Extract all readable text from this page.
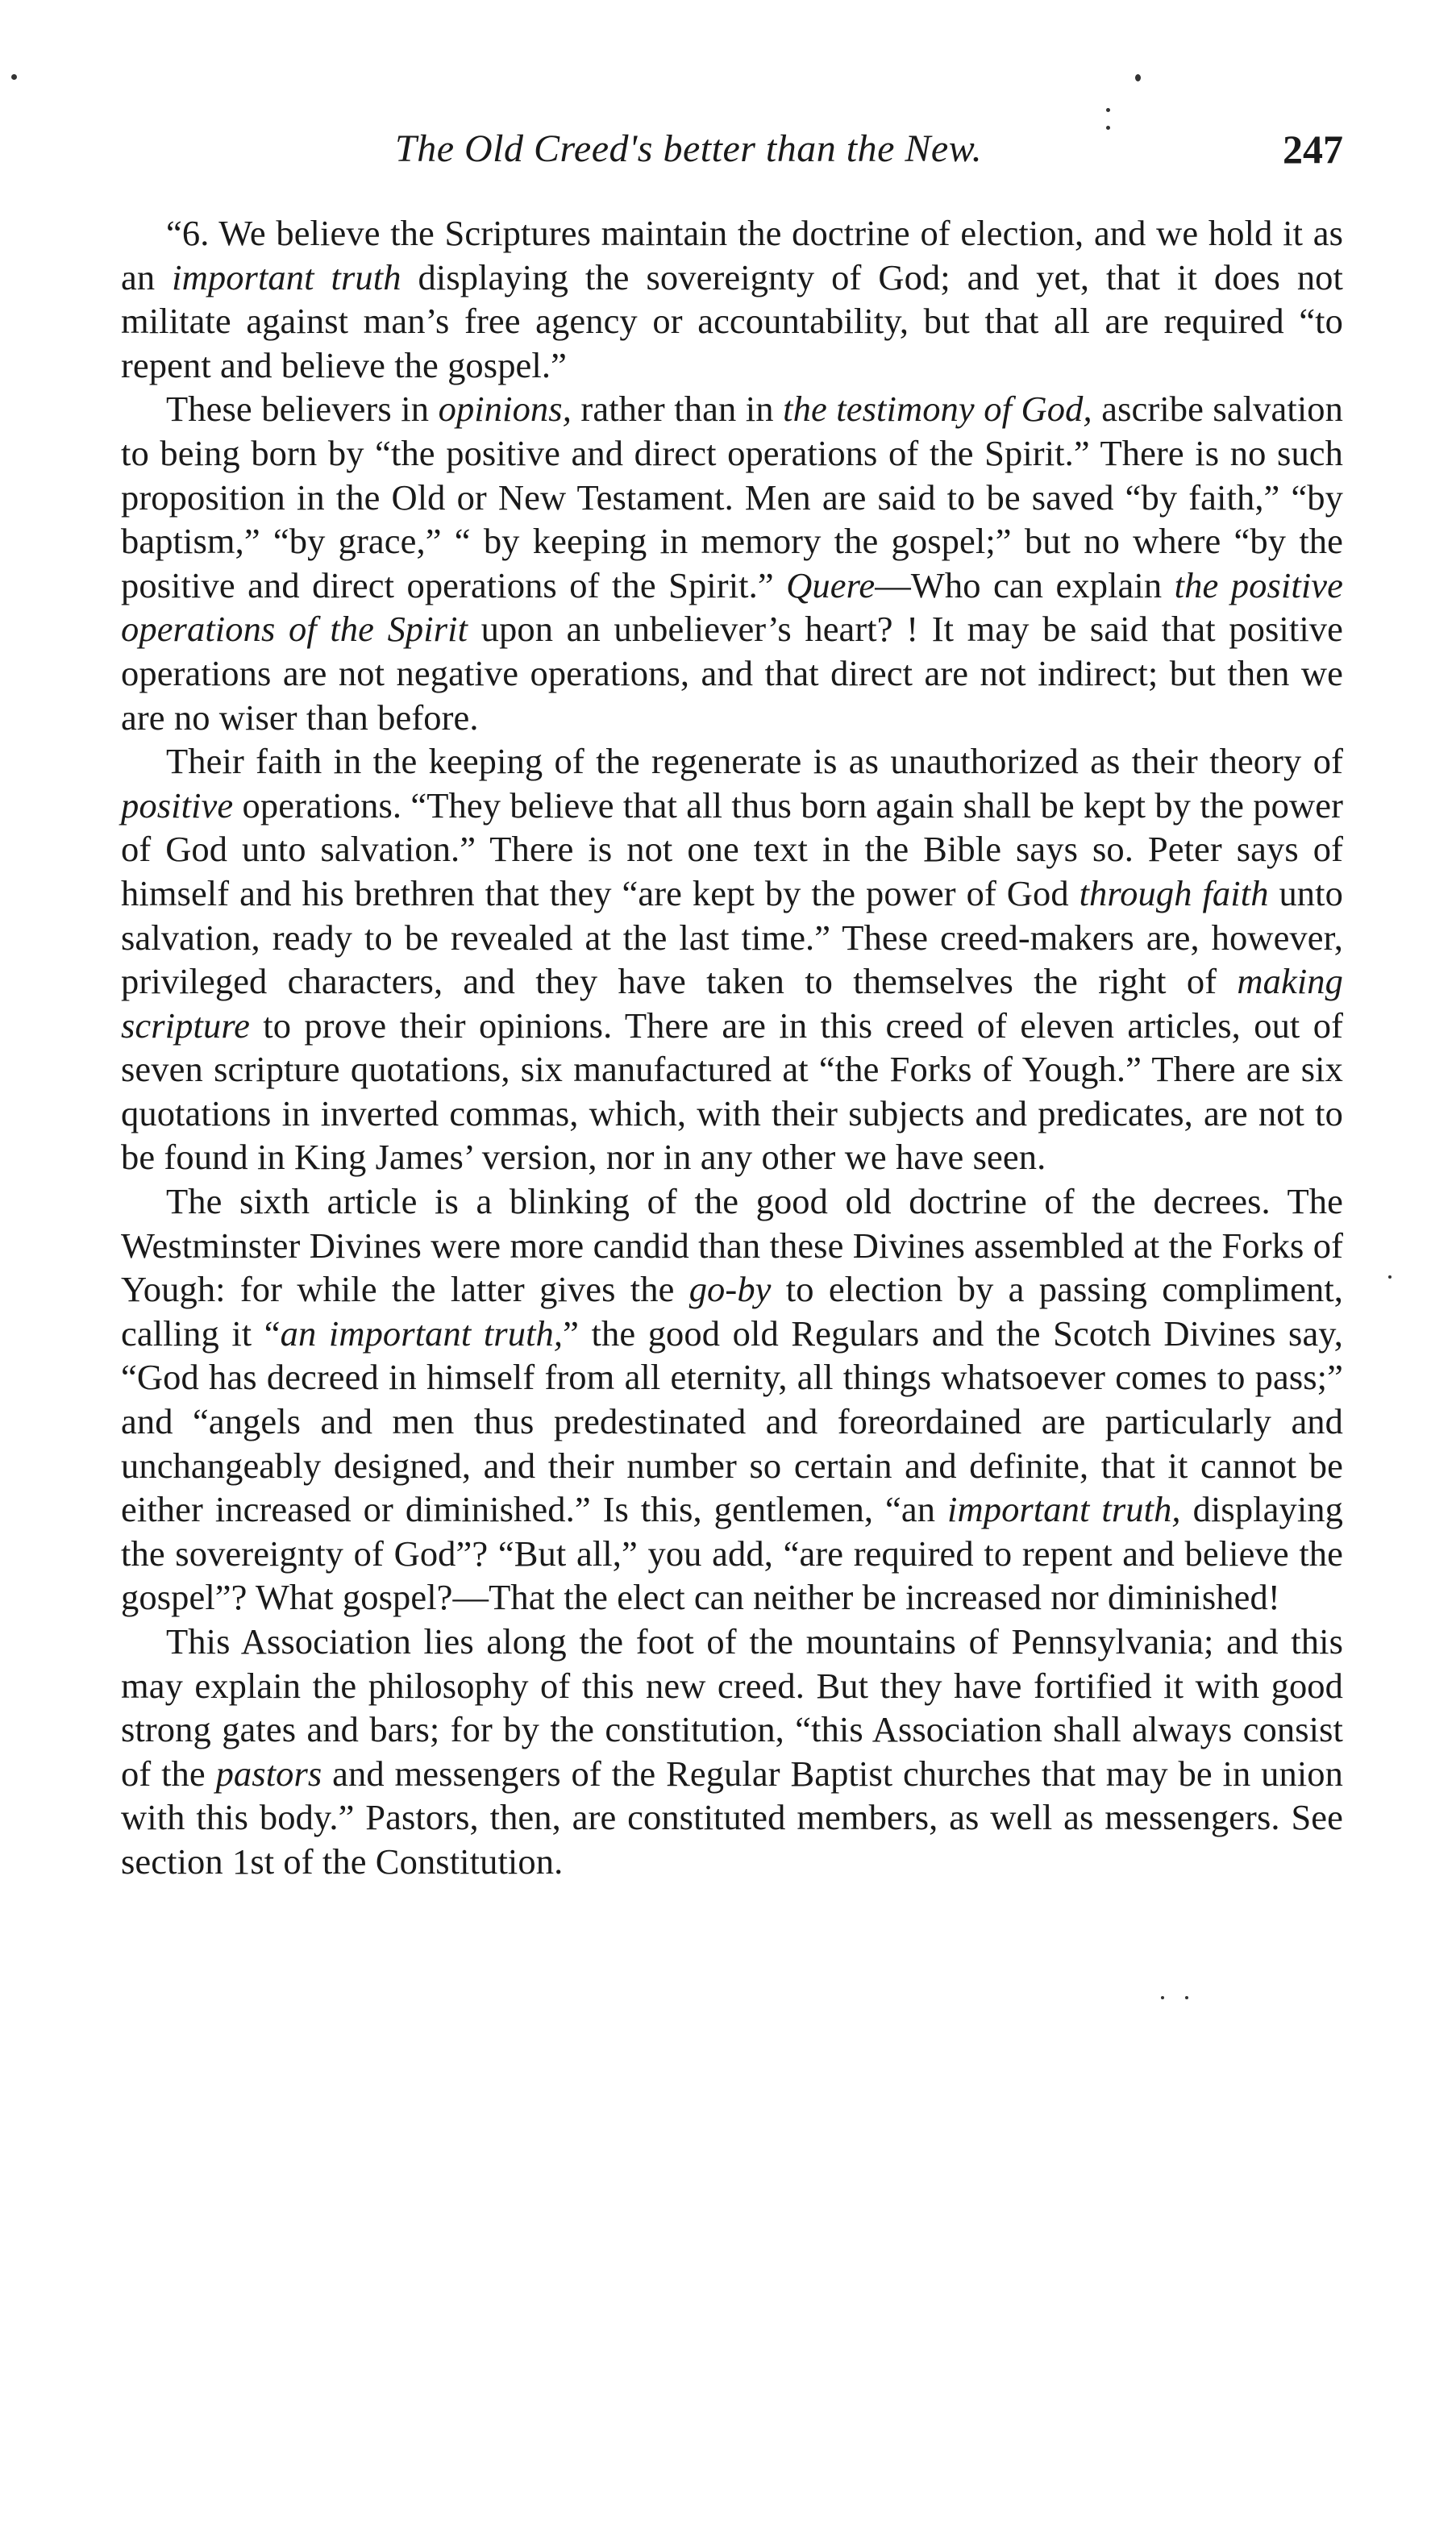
The Old Creed's better than the New.	247

“6. We believe the Scriptures maintain the doctrine of election, and we hold it as an important truth displaying the sovereignty of God; and yet, that it does not militate against man’s free agency or accountability, but that all are required “to repent and believe the gospel.”

These believers in opinions, rather than in the testimony of God, ascribe salvation to being born by “the positive and direct operations of the Spirit.” There is no such proposition in the Old or New Testament. Men are said to be saved “by faith,” “by baptism,” “by grace,” “ by keeping in memory the gospel;” but no where “by the positive and direct operations of the Spirit.” Quere—Who can explain the positive operations of the Spirit upon an unbeliever’s heart? ! It may be said that positive operations are not negative operations, and that direct are not indirect; but then we are no wiser than before.

Their faith in the keeping of the regenerate is as unauthorized as their theory of positive operations. “They believe that all thus born again shall be kept by the power of God unto salvation.” There is not one text in the Bible says so. Peter says of himself and his brethren that they “are kept by the power of God through faith unto salvation, ready to be revealed at the last time.” These creed-makers are, however, privileged characters, and they have taken to themselves the right of making scripture to prove their opinions. There are in this creed of eleven articles, out of seven scripture quotations, six manufactured at “the Forks of Yough.” There are six quotations in inverted commas, which, with their subjects and predicates, are not to be found in King James’ version, nor in any other we have seen.

The sixth article is a blinking of the good old doctrine of the decrees. The Westminster Divines were more candid than these Divines assembled at the Forks of Yough: for while the latter gives the go-by to election by a passing compliment, calling it “an important truth,” the good old Regulars and the Scotch Divines say, “God has decreed in himself from all eternity, all things whatsoever comes to pass;” and “angels and men thus predestinated and foreordained are particularly and unchangeably designed, and their number so certain and definite, that it cannot be either increased or diminished.” Is this, gentlemen, “an important truth, displaying the sovereignty of God”? “But all,” you add, “are required to repent and believe the gospel”? What gospel?—That the elect can neither be increased nor diminished!

This Association lies along the foot of the mountains of Pennsylvania; and this may explain the philosophy of this new creed. But they have fortified it with good strong gates and bars; for by the constitution, “this Association shall always consist of the pastors and messengers of the Regular Baptist churches that may be in union with this body.” Pastors, then, are constituted members, as well as messengers. See section 1st of the Constitution.
